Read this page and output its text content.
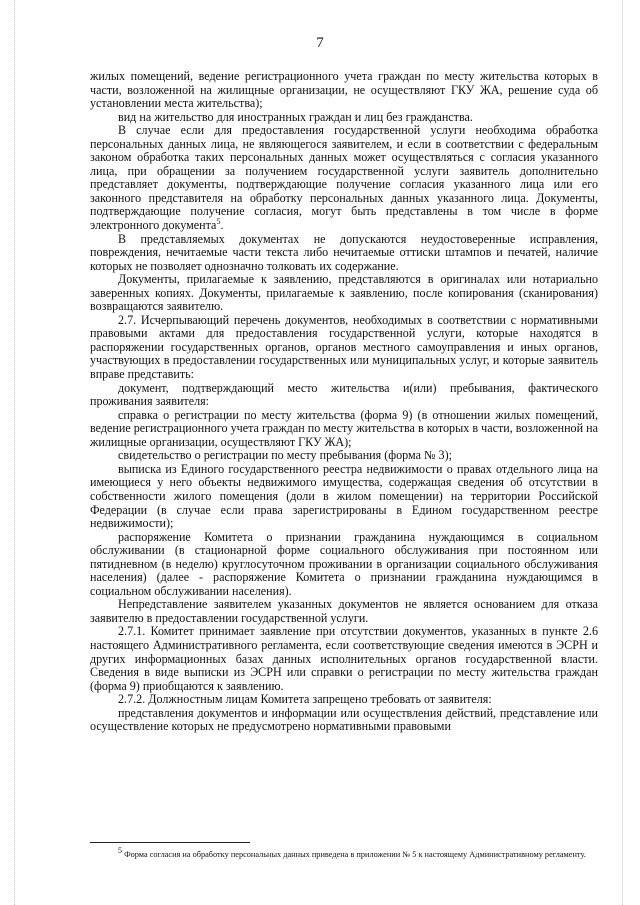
7

жилых помещений, ведение регистрационного учета граждан по месту жительства которых в части, возложенной на жилищные организации, не осуществляют ГКУ ЖА, решение суда об установлении места жительства);

вид на жительство для иностранных граждан и лиц без гражданства.

В случае если для предоставления государственной услуги необходима обработка персональных данных лица, не являющегося заявителем, и если в соответствии с федеральным законом обработка таких персональных данных может осуществляться с согласия указанного лица, при обращении за получением государственной услуги заявитель дополнительно представляет документы, подтверждающие получение согласия указанного лица или его законного представителя на обработку персональных данных указанного лица. Документы, подтверждающие получение согласия, могут быть представлены в том числе в форме электронного документа$^5$.

В представляемых документах не допускаются неудостоверенные исправления, повреждения, нечитаемые части текста либо нечитаемые оттиски штампов и печатей, наличие которых не позволяет однозначно толковать их содержание.

Документы, прилагаемые к заявлению, представляются в оригиналах или нотариально заверенных копиях. Документы, прилагаемые к заявлению, после копирования (сканирования) возвращаются заявителю.

2.7. Исчерпывающий перечень документов, необходимых в соответствии с нормативными правовыми актами для предоставления государственной услуги, которые находятся в распоряжении государственных органов, органов местного самоуправления и иных органов, участвующих в предоставлении государственных или муниципальных услуг, и которые заявитель вправе представить:

документ, подтверждающий место жительства и(или) пребывания, фактического проживания заявителя:

справка о регистрации по месту жительства (форма 9) (в отношении жилых помещений, ведение регистрационного учета граждан по месту жительства в которых в части, возложенной на жилищные организации, осуществляют ГКУ ЖА);

свидетельство о регистрации по месту пребывания (форма № 3);

выписка из Единого государственного реестра недвижимости о правах отдельного лица на имеющиеся у него объекты недвижимого имущества, содержащая сведения об отсутствии в собственности жилого помещения (доли в жилом помещении) на территории Российской Федерации (в случае если права зарегистрированы в Едином государственном реестре недвижимости);

распоряжение Комитета о признании гражданина нуждающимся в социальном обслуживании (в стационарной форме социального обслуживания при постоянном или пятидневном (в неделю) круглосуточном проживании в организации социального обслуживания населения) (далее - распоряжение Комитета о признании гражданина нуждающимся в социальном обслуживании населения).

Непредставление заявителем указанных документов не является основанием для отказа заявителю в предоставлении государственной услуги.

2.7.1. Комитет принимает заявление при отсутствии документов, указанных в пункте 2.6 настоящего Административного регламента, если соответствующие сведения имеются в ЭСРН и других информационных базах данных исполнительных органов государственной власти. Сведения в виде выписки из ЭСРН или справки о регистрации по месту жительства граждан (форма 9) приобщаются к заявлению.

2.7.2. Должностным лицам Комитета запрещено требовать от заявителя:

представления документов и информации или осуществления действий, представление или осуществление которых не предусмотрено нормативными правовыми

$^5$ Форма согласия на обработку персональных данных приведена в приложении № 5 к настоящему Административному регламенту.
